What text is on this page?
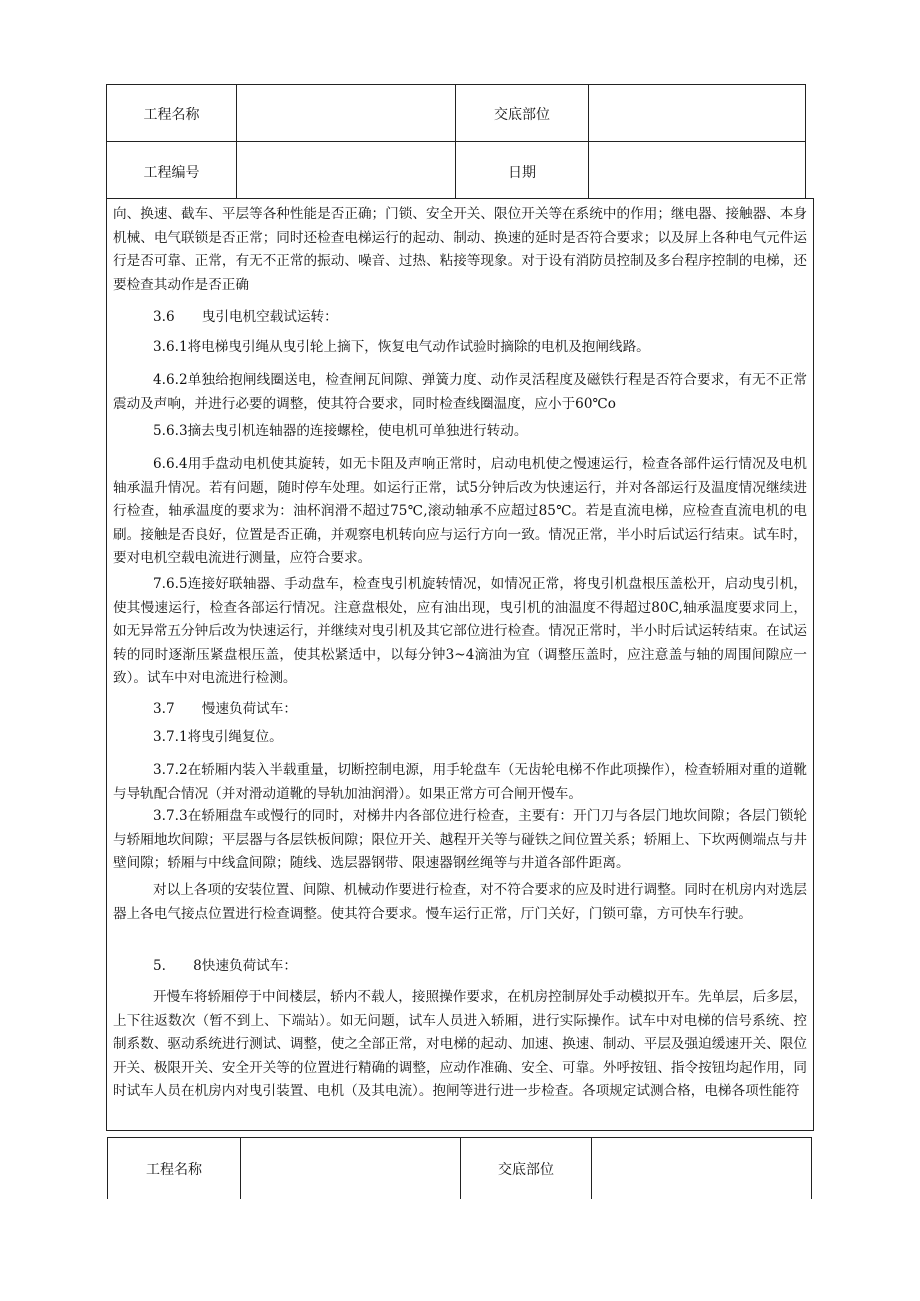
工程名称	交底部位
工程编号	日期
向、换速、截车、平层等各种性能是否正确；门锁、安全开关、限位开关等在系统中的作用；继电器、接触器、本身机械、电气联锁是否正常；同时还检查电梯运行的起动、制动、换速的延时是否符合要求；以及屏上各种电气元件运行是否可靠、正常，有无不正常的振动、噪音、过热、粘接等现象。对于设有消防员控制及多台程序控制的电梯，还要检查其动作是否正确
3.6　　曳引电机空载试运转：
3.6.1将电梯曳引绳从曳引轮上摘下，恢复电气动作试验时摘除的电机及抱闸线路。
4.6.2单独给抱闸线圈送电，检查闸瓦间隙、弹簧力度、动作灵活程度及磁铁行程是否符合要求，有无不正常震动及声响，并进行必要的调整，使其符合要求，同时检查线圈温度，应小于60℃o
5.6.3摘去曳引机连轴器的连接螺栓，使电机可单独进行转动。
6.6.4用手盘动电机使其旋转，如无卡阻及声响正常时，启动电机使之慢速运行，检查各部件运行情况及电机轴承温升情况。若有问题，随时停车处理。如运行正常，试5分钟后改为快速运行，并对各部运行及温度情况继续进行检查，轴承温度的要求为：油杯润滑不超过75℃,滚动轴承不应超过85℃。若是直流电梯，应检查直流电机的电刷。接触是否良好，位置是否正确，并观察电机转向应与运行方向一致。情况正常，半小时后试运行结束。试车时，要对电机空载电流进行测量，应符合要求。
7.6.5连接好联轴器、手动盘车，检查曳引机旋转情况，如情况正常，将曳引机盘根压盖松开，启动曳引机，使其慢速运行，检查各部运行情况。注意盘根处，应有油出现，曳引机的油温度不得超过80C,轴承温度要求同上，如无异常五分钟后改为快速运行，并继续对曳引机及其它部位进行检查。情况正常时，半小时后试运转结束。在试运转的同时逐渐压紧盘根压盖，使其松紧适中，以每分钟3~4滴油为宜（调整压盖时，应注意盖与轴的周围间隙应一致）。试车中对电流进行检测。
3.7　　慢速负荷试车：
3.7.1将曳引绳复位。
3.7.2在轿厢内装入半载重量，切断控制电源，用手轮盘车（无齿轮电梯不作此项操作），检查轿厢对重的道靴与导轨配合情况（并对滑动道靴的导轨加油润滑）。如果正常方可合闸开慢车。
3.7.3在轿厢盘车或慢行的同时，对梯井内各部位进行检查，主要有：开门刀与各层门地坎间隙；各层门锁轮与轿厢地坎间隙；平层器与各层铁板间隙；限位开关、越程开关等与碰铁之间位置关系；轿厢上、下坎两侧端点与井壁间隙；轿厢与中线盒间隙；随线、选层器钢带、限速器钢丝绳等与井道各部件距离。
对以上各项的安装位置、间隙、机械动作要进行检查，对不符合要求的应及时进行调整。同时在机房内对选层器上各电气接点位置进行检查调整。使其符合要求。慢车运行正常，厅门关好，门锁可靠，方可快车行驶。
5.　　8快速负荷试车：
开慢车将轿厢停于中间楼层，轿内不载人，接照操作要求，在机房控制屏处手动模拟开车。先单层，后多层，上下往返数次（暂不到上、下端站）。如无问题，试车人员进入轿厢，进行实际操作。试车中对电梯的信号系统、控制系数、驱动系统进行测试、调整，使之全部正常，对电梯的起动、加速、换速、制动、平层及强迫缓速开关、限位开关、极限开关、安全开关等的位置进行精确的调整，应动作准确、安全、可靠。外呼按钮、指令按钮均起作用，同时试车人员在机房内对曳引装置、电机（及其电流）。抱闸等进行进一步检查。各项规定试测合格，电梯各项性能符
工程名称	交底部位
